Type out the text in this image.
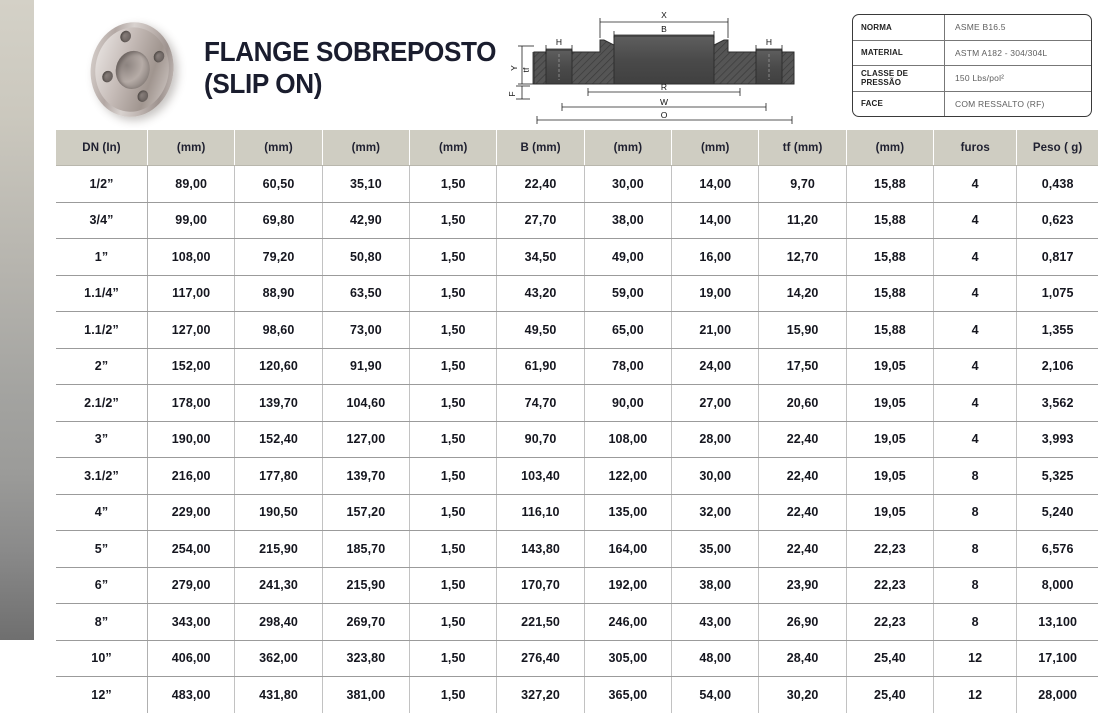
FLANGE SOBREPOSTO
(SLIP ON)
X
B
H	H
Y tf
F
R
W
O
NORMA	ASME B16.5
MATERIAL	ASTM A182 - 304/304L
CLASSE DE PRESSÃO	150 Lbs/pol²
FACE	COM RESSALTO (RF)
DN (In)	(mm)	(mm)	(mm)	(mm)	B (mm)	(mm)	(mm)	tf (mm)	(mm)	furos	Peso ( g)
1/2”	89,00	60,50	35,10	1,50	22,40	30,00	14,00	9,70	15,88	4	0,438
3/4”	99,00	69,80	42,90	1,50	27,70	38,00	14,00	11,20	15,88	4	0,623
1”	108,00	79,20	50,80	1,50	34,50	49,00	16,00	12,70	15,88	4	0,817
1.1/4”	117,00	88,90	63,50	1,50	43,20	59,00	19,00	14,20	15,88	4	1,075
1.1/2”	127,00	98,60	73,00	1,50	49,50	65,00	21,00	15,90	15,88	4	1,355
2”	152,00	120,60	91,90	1,50	61,90	78,00	24,00	17,50	19,05	4	2,106
2.1/2”	178,00	139,70	104,60	1,50	74,70	90,00	27,00	20,60	19,05	4	3,562
3”	190,00	152,40	127,00	1,50	90,70	108,00	28,00	22,40	19,05	4	3,993
3.1/2”	216,00	177,80	139,70	1,50	103,40	122,00	30,00	22,40	19,05	8	5,325
4”	229,00	190,50	157,20	1,50	116,10	135,00	32,00	22,40	19,05	8	5,240
5”	254,00	215,90	185,70	1,50	143,80	164,00	35,00	22,40	22,23	8	6,576
6”	279,00	241,30	215,90	1,50	170,70	192,00	38,00	23,90	22,23	8	8,000
8”	343,00	298,40	269,70	1,50	221,50	246,00	43,00	26,90	22,23	8	13,100
10”	406,00	362,00	323,80	1,50	276,40	305,00	48,00	28,40	25,40	12	17,100
12”	483,00	431,80	381,00	1,50	327,20	365,00	54,00	30,20	25,40	12	28,000
